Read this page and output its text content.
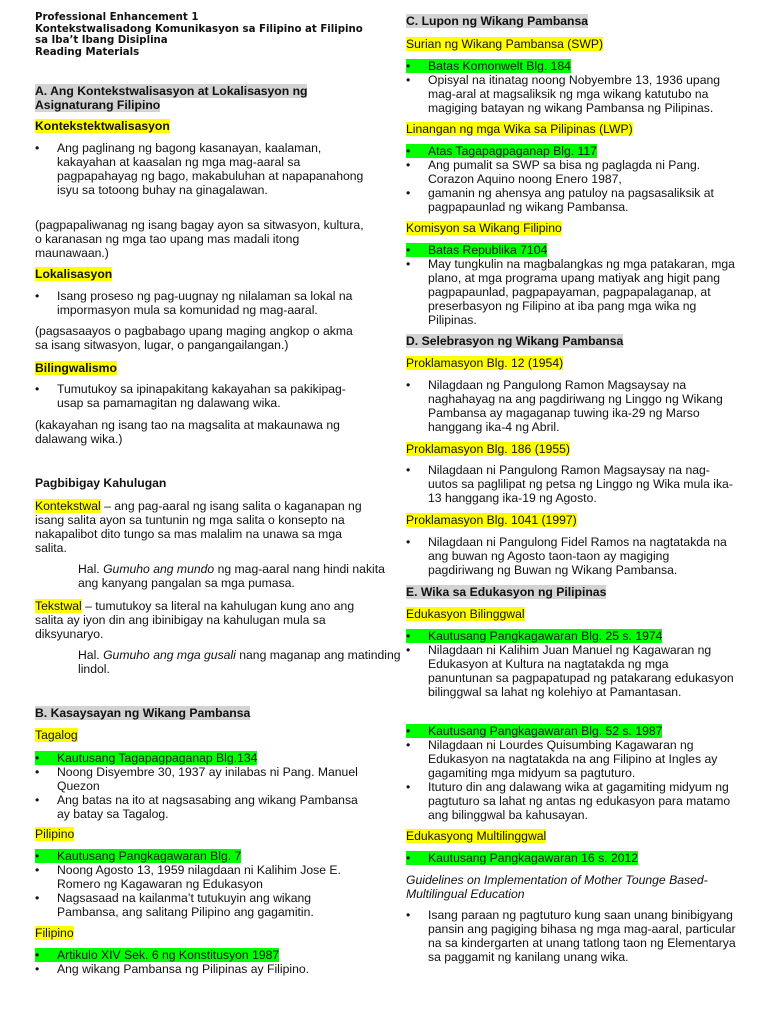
Professional Enhancement 1
Kontekstwalisadong Komunikasyon sa Filipino at Filipino
sa Iba’t Ibang Disiplina
Reading Materials
A. Ang Kontekstwalisasyon at Lokalisasyon ng
Asignaturang Filipino
Kontekstektwalisasyon
• Ang paglinang ng bagong kasanayan, kaalaman, kakayahan at kaasalan ng mga mag-aaral sa pagpapahayag ng bago, makabuluhan at napapanahong isyu sa totoong buhay na ginagalawan.
(pagpapaliwanag ng isang bagay ayon sa sitwasyon, kultura, o karanasan ng mga tao upang mas madali itong maunawaan.)
Lokalisasyon
• Isang proseso ng pag-uugnay ng nilalaman sa lokal na impormasyon mula sa komunidad ng mag-aaral.
(pagsasaayos o pagbabago upang maging angkop o akma sa isang sitwasyon, lugar, o pangangailangan.)
Bilingwalismo
• Tumutukoy sa ipinapakitang kakayahan sa pakikipag-usap sa pamamagitan ng dalawang wika.
(kakayahan ng isang tao na magsalita at makaunawa ng dalawang wika.)
Pagbibigay Kahulugan
Kontekstwal – ang pag-aaral ng isang salita o kaganapan ng isang salita ayon sa tuntunin ng mga salita o konsepto na nakapalibot dito tungo sa mas malalim na unawa sa mga salita.
Hal. Gumuho ang mundo ng mag-aaral nang hindi nakita ang kanyang pangalan sa mga pumasa.
Tekstwal – tumutukoy sa literal na kahulugan kung ano ang salita ay iyon din ang ibinibigay na kahulugan mula sa diksyunaryo.
Hal. Gumuho ang mga gusali nang maganap ang matinding lindol.
B. Kasaysayan ng Wikang Pambansa
Tagalog
• Kautusang Tagapagpaganap Blg.134
• Noong Disyembre 30, 1937 ay inilabas ni Pang. Manuel Quezon
• Ang batas na ito at nagsasabing ang wikang Pambansa ay batay sa Tagalog.
Pilipino
• Kautusang Pangkagawaran Blg. 7
• Noong Agosto 13, 1959 nilagdaan ni Kalihim Jose E. Romero ng Kagawaran ng Edukasyon
• Nagsasaad na kailanma’t tutukuyin ang wikang Pambansa, ang salitang Pilipino ang gagamitin.
Filipino
• Artikulo XIV Sek. 6 ng Konstitusyon 1987
• Ang wikang Pambansa ng Pilipinas ay Filipino.
C. Lupon ng Wikang Pambansa
Surian ng Wikang Pambansa (SWP)
• Batas Komonwelt Blg. 184
• Opisyal na itinatag noong Nobyembre 13, 1936 upang mag-aral at magsaliksik ng mga wikang katutubo na magiging batayan ng wikang Pambansa ng Pilipinas.
Linangan ng mga Wika sa Pilipinas (LWP)
• Atas Tagapagpaganap Blg. 117
• Ang pumalit sa SWP sa bisa ng paglagda ni Pang. Corazon Aquino noong Enero 1987,
• gamanin ng ahensya ang patuloy na pagsasaliksik at pagpapaunlad ng wikang Pambansa.
Komisyon sa Wikang Filipino
• Batas Republika 7104
• May tungkulin na magbalangkas ng mga patakaran, mga plano, at mga programa upang matiyak ang higit pang pagpapaunlad, pagpapayaman, pagpapalaganap, at preserbasyon ng Filipino at iba pang mga wika ng Pilipinas.
D. Selebrasyon ng Wikang Pambansa
Proklamasyon Blg. 12 (1954)
• Nilagdaan ng Pangulong Ramon Magsaysay na naghahayag na ang pagdiriwang ng Linggo ng Wikang Pambansa ay magaganap tuwing ika-29 ng Marso hanggang ika-4 ng Abril.
Proklamasyon Blg. 186 (1955)
• Nilagdaan ni Pangulong Ramon Magsaysay na nag-uutos sa paglilipat ng petsa ng Linggo ng Wika mula ika-13 hanggang ika-19 ng Agosto.
Proklamasyon Blg. 1041 (1997)
• Nilagdaan ni Pangulong Fidel Ramos na nagtatakda na ang buwan ng Agosto taon-taon ay magiging pagdiriwang ng Buwan ng Wikang Pambansa.
E. Wika sa Edukasyon ng Pilipinas
Edukasyon Bilinggwal
• Kautusang Pangkagawaran Blg. 25 s. 1974
• Nilagdaan ni Kalihim Juan Manuel ng Kagawaran ng Edukasyon at Kultura na nagtatakda ng mga panuntunan sa pagpapatupad ng patakarang edukasyon bilinggwal sa lahat ng kolehiyo at Pamantasan.
• Kautusang Pangkagawaran Blg. 52 s. 1987
• Nilagdaan ni Lourdes Quisumbing Kagawaran ng Edukasyon na nagtatakda na ang Filipino at Ingles ay gagamiting mga midyum sa pagtuturo.
• Ituturo din ang dalawang wika at gagamiting midyum ng pagtuturo sa lahat ng antas ng edukasyon para matamo ang bilinggwal ba kahusayan.
Edukasyong Multilinggwal
• Kautusang Pangkagawaran 16 s. 2012
Guidelines on Implementation of Mother Tounge Based-Multilingual Education
• Isang paraan ng pagtuturo kung saan unang binibigyang pansin ang pagiging bihasa ng mga mag-aaral, particular na sa kindergarten at unang tatlong taon ng Elementarya sa paggamit ng kanilang unang wika.
